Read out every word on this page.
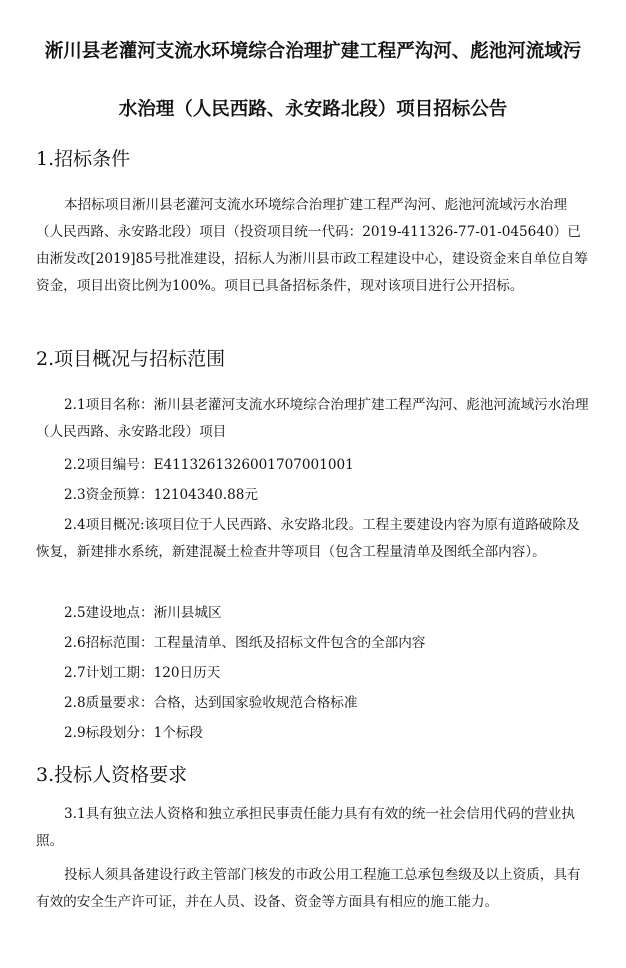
淅川县老灌河支流水环境综合治理扩建工程严沟河、彪池河流域污
水治理（人民西路、永安路北段）项目招标公告
1.招标条件

本招标项目淅川县老灌河支流水环境综合治理扩建工程严沟河、彪池河流域污水治理（人民西路、永安路北段）项目（投资项目统一代码：2019-411326-77-01-045640）已由淅发改[2019]85号批准建设，招标人为淅川县市政工程建设中心，建设资金来自单位自筹资金，项目出资比例为100%。项目已具备招标条件，现对该项目进行公开招标。

2.项目概况与招标范围

2.1项目名称：淅川县老灌河支流水环境综合治理扩建工程严沟河、彪池河流域污水治理（人民西路、永安路北段）项目

2.2项目编号：E4113261326001707001001

2.3资金预算：12104340.88元

2.4项目概况:该项目位于人民西路、永安路北段。工程主要建设内容为原有道路破除及恢复，新建排水系统，新建混凝土检查井等项目（包含工程量清单及图纸全部内容）。

2.5建设地点：淅川县城区

2.6招标范围：工程量清单、图纸及招标文件包含的全部内容

2.7计划工期：120日历天

2.8质量要求：合格，达到国家验收规范合格标准

2.9标段划分：1个标段

3.投标人资格要求

3.1具有独立法人资格和独立承担民事责任能力具有有效的统一社会信用代码的营业执照。

投标人须具备建设行政主管部门核发的市政公用工程施工总承包叁级及以上资质，具有有效的安全生产许可证，并在人员、设备、资金等方面具有相应的施工能力。
